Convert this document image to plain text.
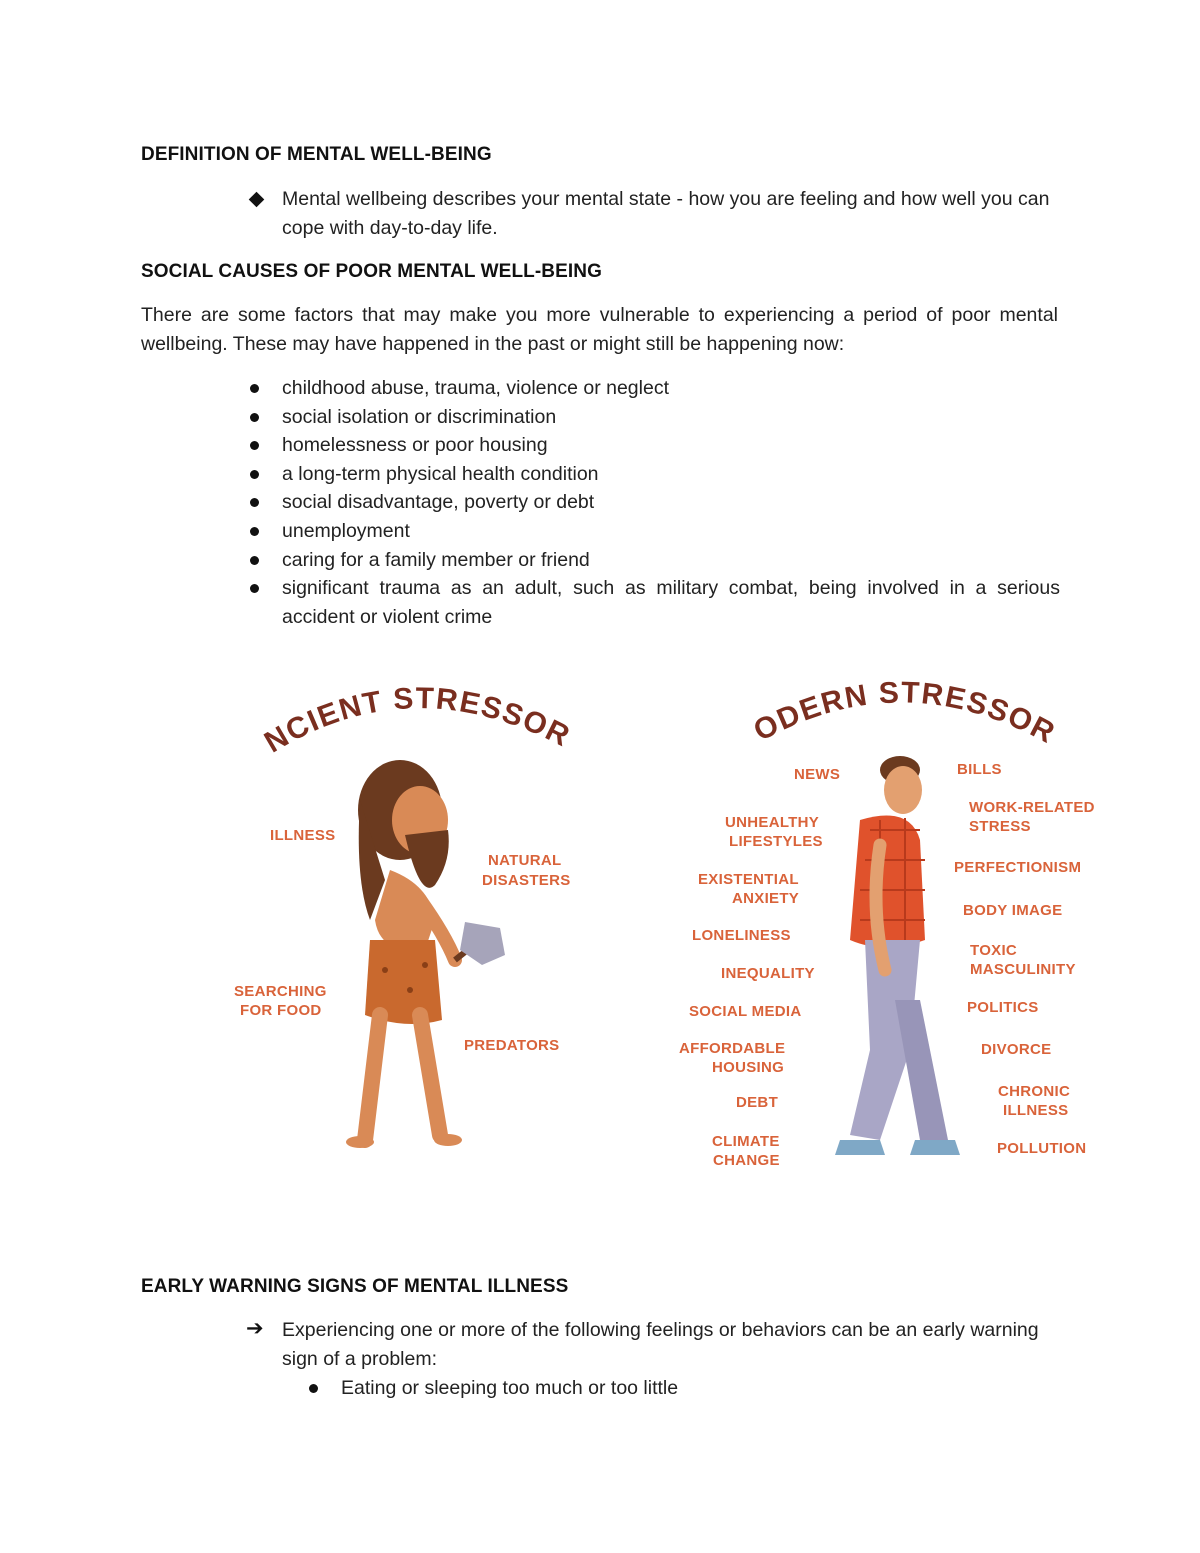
DEFINITION OF MENTAL WELL-BEING
Mental wellbeing describes your mental state - how you are feeling and how well you can cope with day-to-day life.
SOCIAL CAUSES OF POOR MENTAL WELL-BEING
There are some factors that may make you more vulnerable to experiencing a period of poor mental wellbeing. These may have happened in the past or might still be happening now:
childhood abuse, trauma, violence or neglect
social isolation or discrimination
homelessness or poor housing
a long-term physical health condition
social disadvantage, poverty or debt
unemployment
caring for a family member or friend
significant trauma as an adult, such as military combat, being involved in a serious accident or violent crime
NCIENT STRESSOR	ODERN STRESSOR
ILLNESS
NATURAL
DISASTERS
SEARCHING
FOR FOOD
PREDATORS
NEWS
UNHEALTHY
LIFESTYLES
EXISTENTIAL
ANXIETY
LONELINESS
INEQUALITY
SOCIAL MEDIA
AFFORDABLE
HOUSING
DEBT
CLIMATE
CHANGE
BILLS
WORK-RELATED
STRESS
PERFECTIONISM
BODY IMAGE
TOXIC
MASCULINITY
POLITICS
DIVORCE
CHRONIC
ILLNESS
POLLUTION
EARLY WARNING SIGNS OF MENTAL ILLNESS
➔ Experiencing one or more of the following feelings or behaviors can be an early warning sign of a problem:
Eating or sleeping too much or too little
